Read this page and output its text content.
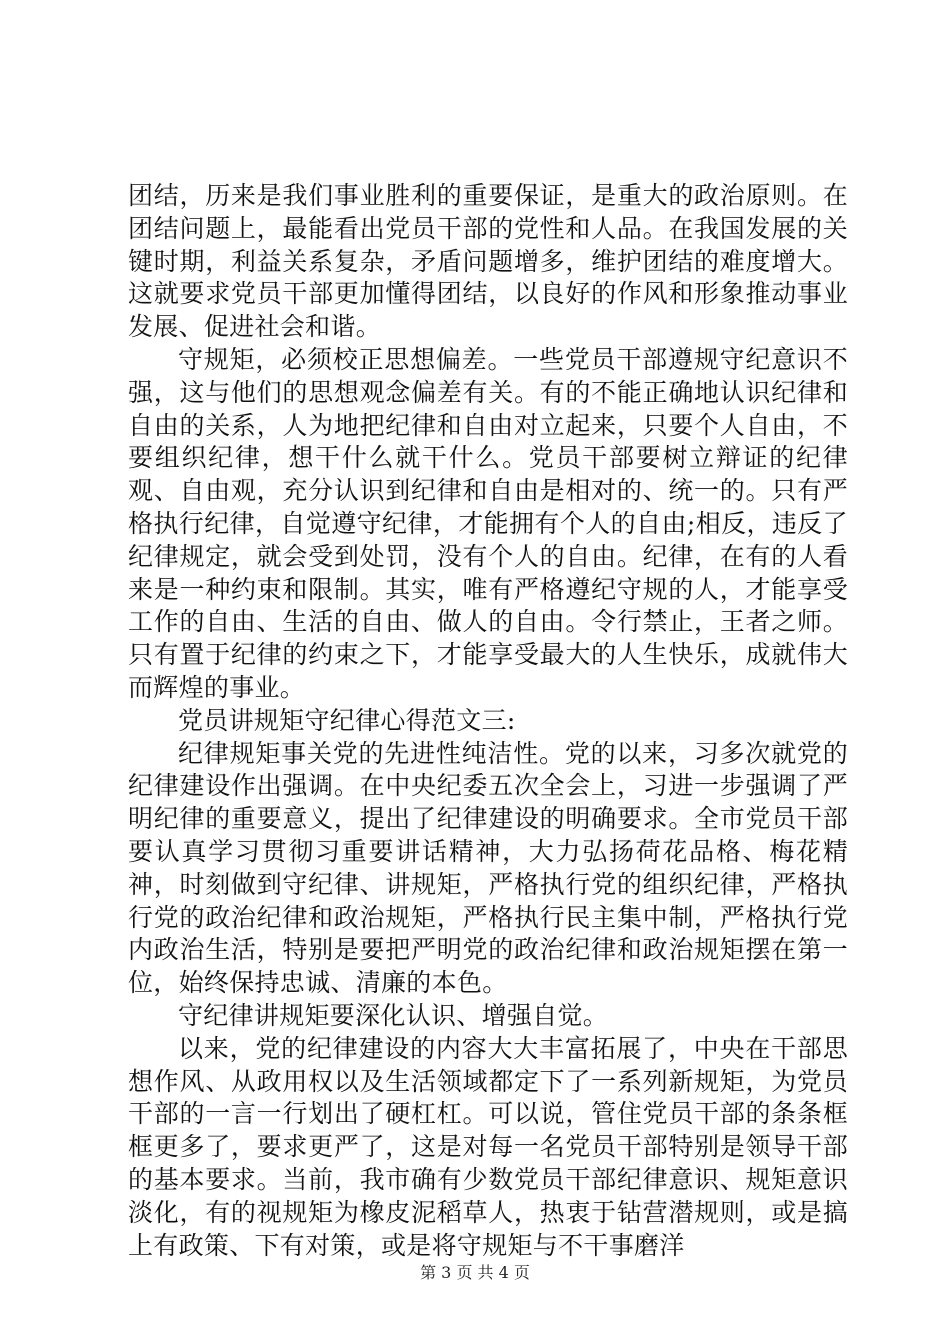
团结，历来是我们事业胜利的重要保证，是重大的政治原则。在团结问题上，最能看出党员干部的党性和人品。在我国发展的关键时期，利益关系复杂，矛盾问题增多，维护团结的难度增大。这就要求党员干部更加懂得团结，以良好的作风和形象推动事业发展、促进社会和谐。

守规矩，必须校正思想偏差。一些党员干部遵规守纪意识不强，这与他们的思想观念偏差有关。有的不能正确地认识纪律和自由的关系，人为地把纪律和自由对立起来，只要个人自由，不要组织纪律，想干什么就干什么。党员干部要树立辩证的纪律观、自由观，充分认识到纪律和自由是相对的、统一的。只有严格执行纪律，自觉遵守纪律，才能拥有个人的自由;相反，违反了纪律规定，就会受到处罚，没有个人的自由。纪律，在有的人看来是一种约束和限制。其实，唯有严格遵纪守规的人，才能享受工作的自由、生活的自由、做人的自由。令行禁止，王者之师。只有置于纪律的约束之下，才能享受最大的人生快乐，成就伟大而辉煌的事业。

党员讲规矩守纪律心得范文三:

纪律规矩事关党的先进性纯洁性。党的以来，习多次就党的纪律建设作出强调。在中央纪委五次全会上，习进一步强调了严明纪律的重要意义，提出了纪律建设的明确要求。全市党员干部要认真学习贯彻习重要讲话精神，大力弘扬荷花品格、梅花精神，时刻做到守纪律、讲规矩，严格执行党的组织纪律，严格执行党的政治纪律和政治规矩，严格执行民主集中制，严格执行党内政治生活，特别是要把严明党的政治纪律和政治规矩摆在第一位，始终保持忠诚、清廉的本色。

守纪律讲规矩要深化认识、增强自觉。

以来，党的纪律建设的内容大大丰富拓展了，中央在干部思想作风、从政用权以及生活领域都定下了一系列新规矩，为党员干部的一言一行划出了硬杠杠。可以说，管住党员干部的条条框框更多了，要求更严了，这是对每一名党员干部特别是领导干部的基本要求。当前，我市确有少数党员干部纪律意识、规矩意识淡化，有的视规矩为橡皮泥稻草人，热衷于钻营潜规则，或是搞上有政策、下有对策，或是将守规矩与不干事磨洋

第 3 页 共 4 页
